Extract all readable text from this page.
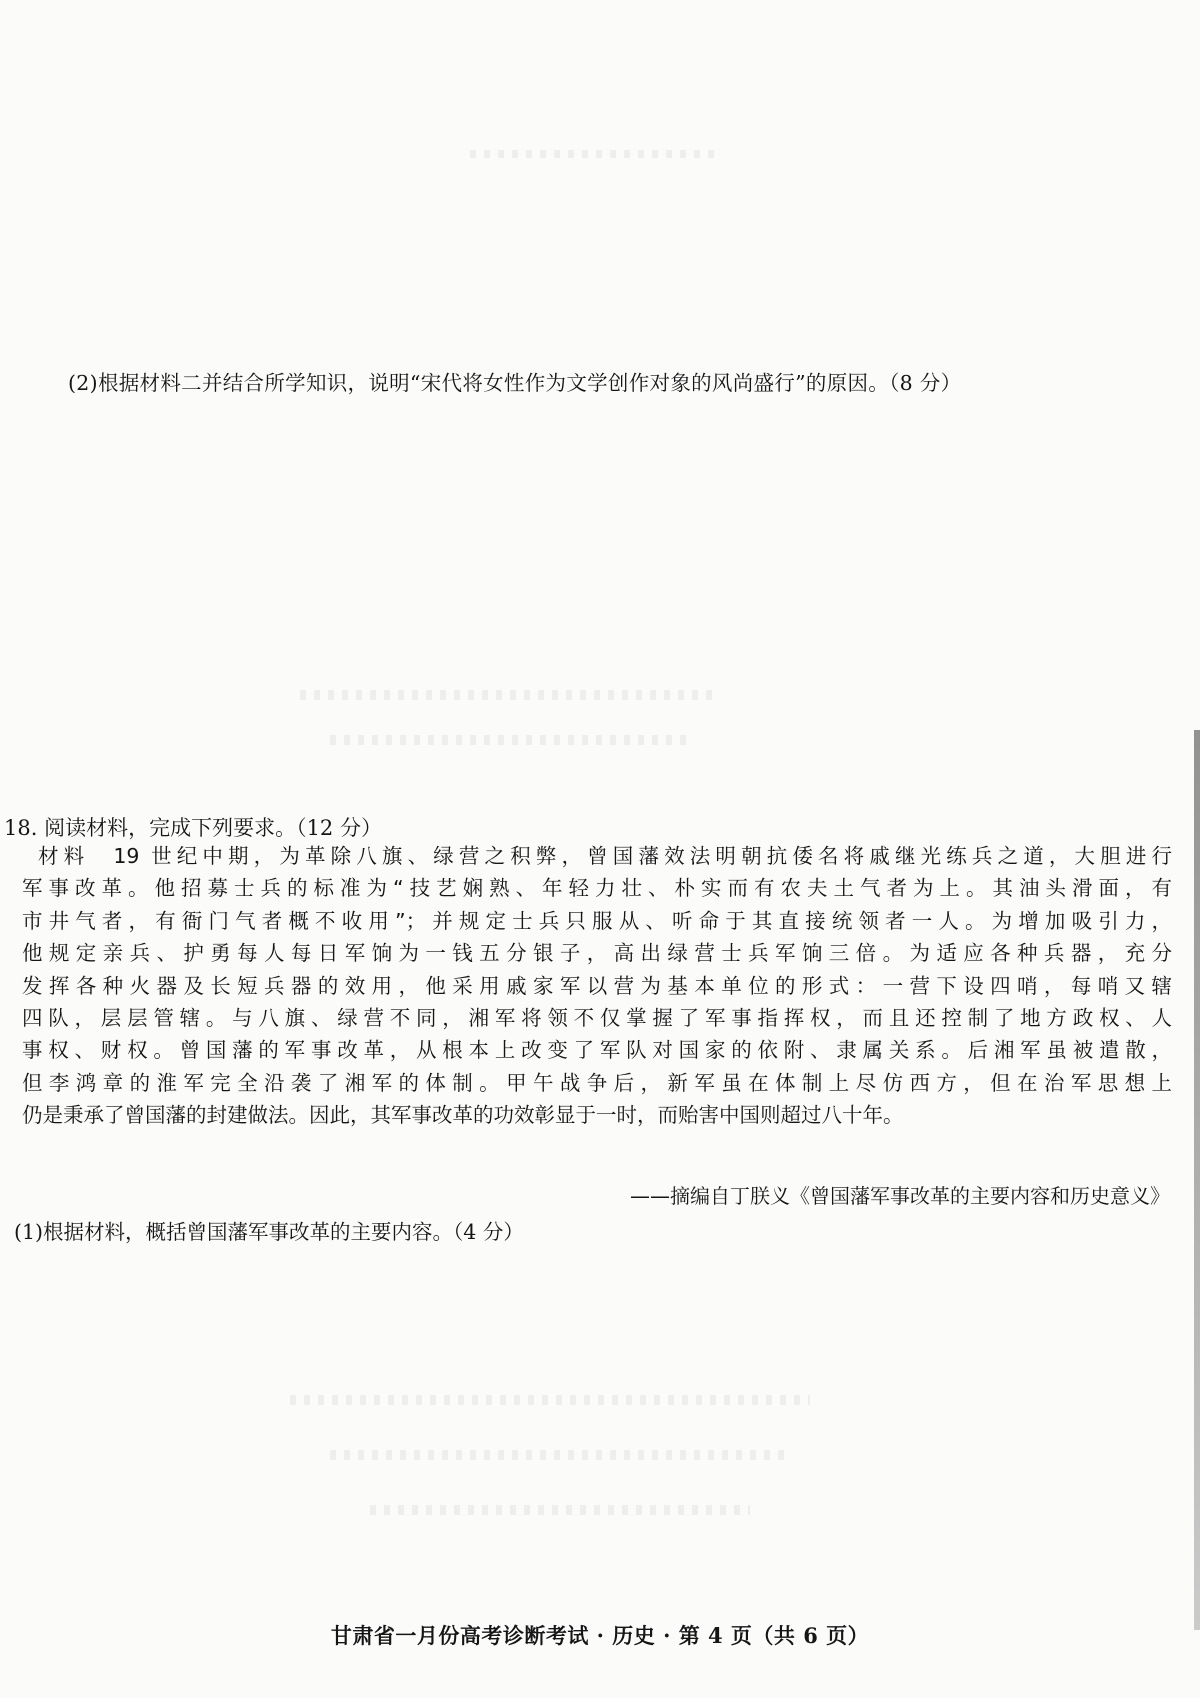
(2)根据材料二并结合所学知识，说明“宋代将女性作为文学创作对象的风尚盛行”的原因。（8 分）
18. 阅读材料，完成下列要求。（12 分）
材料 19 世纪中期，为革除八旗、绿营之积弊，曾国藩效法明朝抗倭名将戚继光练兵之道，大胆进行
军事改革。他招募士兵的标准为“技艺娴熟、年轻力壮、朴实而有农夫土气者为上。其油头滑面，有
市井气者，有衙门气者概不收用”；并规定士兵只服从、听命于其直接统领者一人。为增加吸引力，
他规定亲兵、护勇每人每日军饷为一钱五分银子，高出绿营士兵军饷三倍。为适应各种兵器，充分
发挥各种火器及长短兵器的效用，他采用戚家军以营为基本单位的形式：一营下设四哨，每哨又辖
四队，层层管辖。与八旗、绿营不同，湘军将领不仅掌握了军事指挥权，而且还控制了地方政权、人
事权、财权。曾国藩的军事改革，从根本上改变了军队对国家的依附、隶属关系。后湘军虽被遣散，
但李鸿章的淮军完全沿袭了湘军的体制。甲午战争后，新军虽在体制上尽仿西方，但在治军思想上
仍是秉承了曾国藩的封建做法。因此，其军事改革的功效彰显于一时，而贻害中国则超过八十年。
——摘编自丁朕义《曾国藩军事改革的主要内容和历史意义》
(1)根据材料，概括曾国藩军事改革的主要内容。（4 分）
甘肃省一月份高考诊断考试 · 历史 · 第 4 页（共 6 页）
